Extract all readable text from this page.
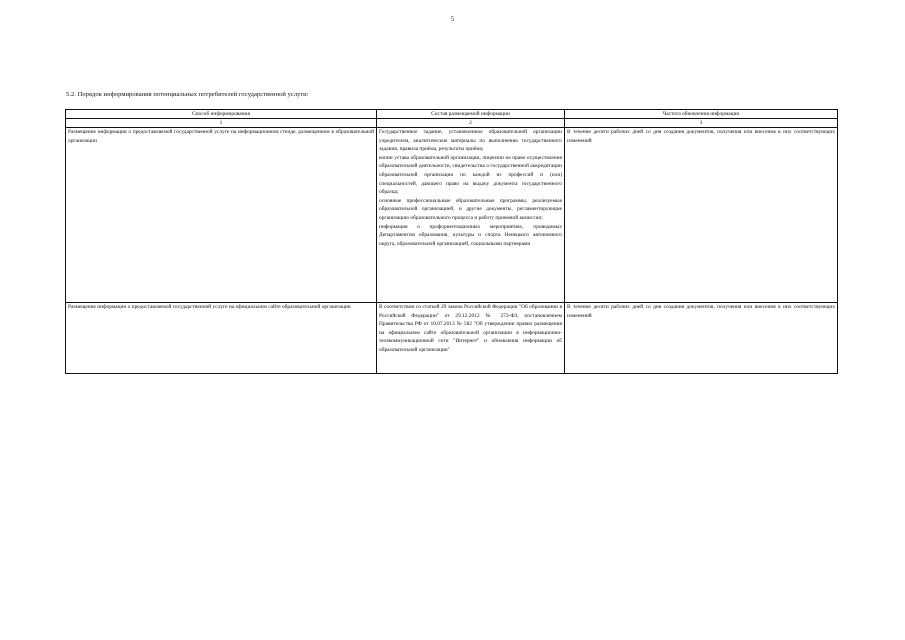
5
5.2. Порядок информирования потенциальных потребителей государственной услуги:
Способ информирования	Состав размещаемой информации	Частота обновления информации
1	2	3
Размещение информации о предоставляемой государственной услуге на информационном стенде, размещенном в образовательной организации	Государственное задание, установленное образовательной организации учредителем, аналитические материалы по выполнению государственного задания, правила приёма, результаты приёма;
копии устава образовательной организации, лицензии на право осуществления образовательной деятельности, свидетельства о государственной аккредитации образовательной организации по каждой из профессий и (или) специальностей, дающего право на выдачу документа государственного образца;
основные профессиональные образовательные программы, реализуемые образовательной организацией, и другие документы, регламентирующие организацию образовательного процесса и работу приемной комиссии;
информация о профориентационных мероприятиях, проводимых Департаментом образования, культуры и спорта Ненецкого автономного округа, образовательной организацией, социальными партнерами	В течение десяти рабочих дней со дня создания документов, получения или внесения в них соответствующих изменений
Размещение информации о предоставляемой государственной услуге на официальном сайте образовательной организации	В соответствии со статьей 29 закона Российской Федерации "Об образовании в Российской Федерации" от 29.12.2012 № 273-ФЗ, постановлением Правительства РФ от 10.07.2013 № 582 "Об утверждении правил размещения на официальном сайте образовательной организации в информационно-телекоммуникационной сети "Интернет" и обновления информации об образовательной организации"	В течение десяти рабочих дней со дня создания документов, получения или внесения в них соответствующих изменений
